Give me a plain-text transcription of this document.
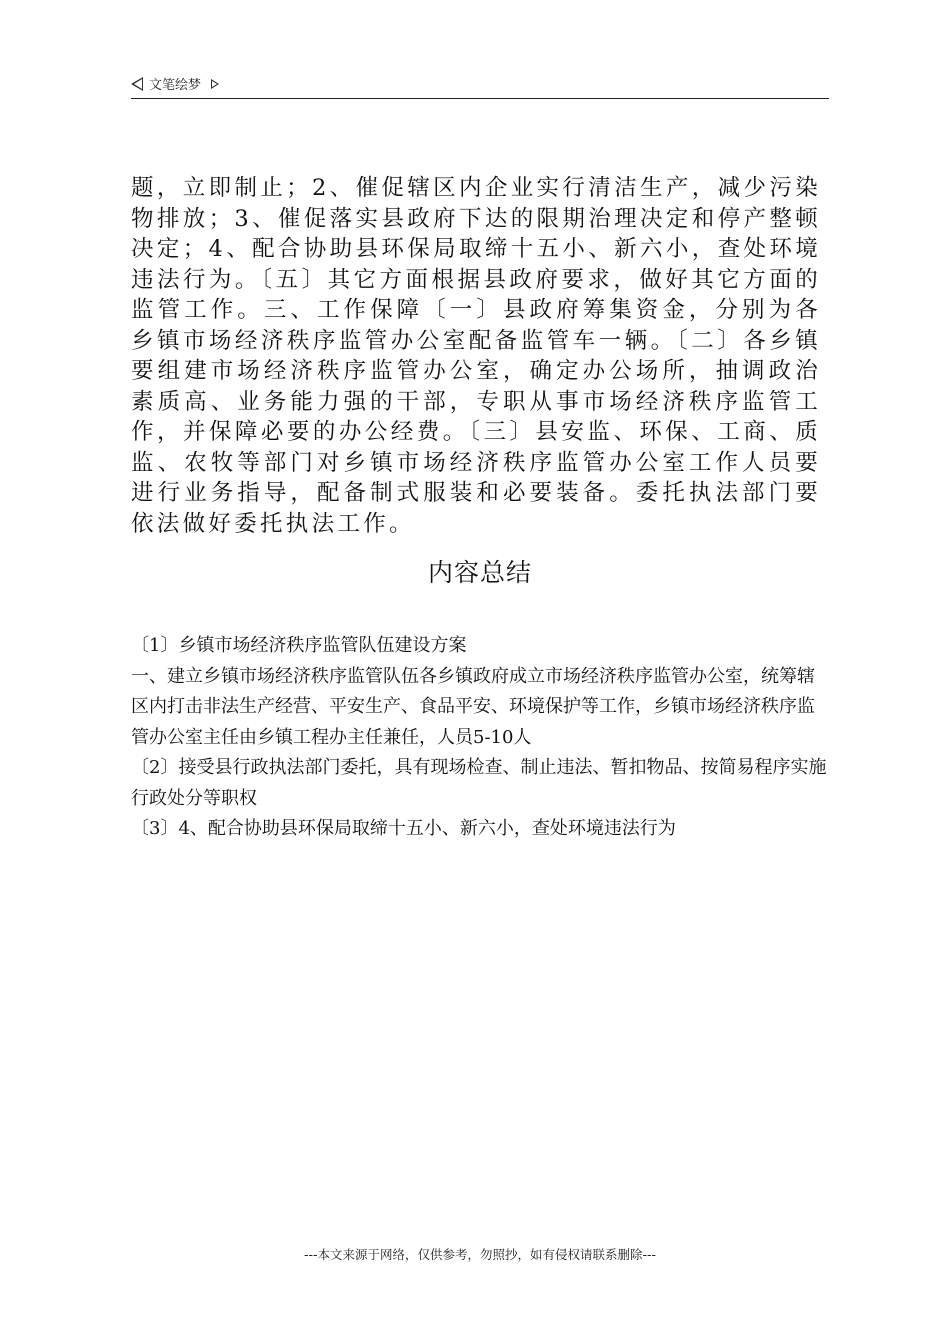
文笔绘梦

题，立即制止；2、催促辖区内企业实行清洁生产，减少污染物排放；3、催促落实县政府下达的限期治理决定和停产整顿决定；4、配合协助县环保局取缔十五小、新六小，查处环境违法行为。〔五〕其它方面根据县政府要求，做好其它方面的监管工作。三、工作保障〔一〕县政府筹集资金，分别为各乡镇市场经济秩序监管办公室配备监管车一辆。〔二〕各乡镇要组建市场经济秩序监管办公室，确定办公场所，抽调政治素质高、业务能力强的干部，专职从事市场经济秩序监管工作，并保障必要的办公经费。〔三〕县安监、环保、工商、质监、农牧等部门对乡镇市场经济秩序监管办公室工作人员要进行业务指导，配备制式服装和必要装备。委托执法部门要依法做好委托执法工作。

内容总结

〔1〕乡镇市场经济秩序监管队伍建设方案

一、建立乡镇市场经济秩序监管队伍各乡镇政府成立市场经济秩序监管办公室，统筹辖区内打击非法生产经营、平安生产、食品平安、环境保护等工作，乡镇市场经济秩序监管办公室主任由乡镇工程办主任兼任，人员5-10人

〔2〕接受县行政执法部门委托，具有现场检查、制止违法、暂扣物品、按简易程序实施行政处分等职权

〔3〕4、配合协助县环保局取缔十五小、新六小，查处环境违法行为

---本文来源于网络，仅供参考，勿照抄，如有侵权请联系删除---
